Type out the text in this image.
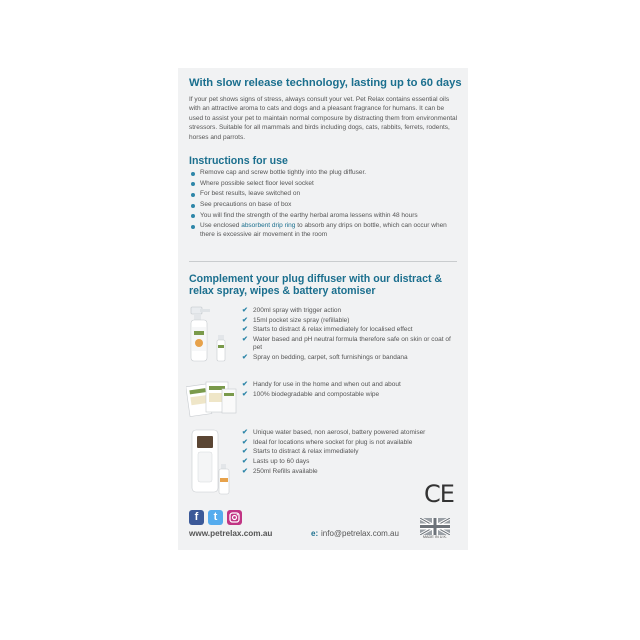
With slow release technology, lasting up to 60 days
If your pet shows signs of stress, always consult your vet. Pet Relax contains essential oils with an attractive aroma to cats and dogs and a pleasant fragrance for humans. It can be used to assist your pet to maintain normal composure by distracting them from environmental stressors. Suitable for all mammals and birds including dogs, cats, rabbits, ferrets, rodents, horses and parrots.
Instructions for use
Remove cap and screw bottle tightly into the plug diffuser.
Where possible select floor level socket
For best results, leave switched on
See precautions on base of box
You will find the strength of the earthy herbal aroma lessens within 48 hours
Use enclosed absorbent drip ring to absorb any drips on bottle, which can occur when there is excessive air movement in the room
Complement your plug diffuser with our distract & relax spray, wipes & battery atomiser
✔ 200ml spray with trigger action
✔ 15ml pocket size spray (refillable)
✔ Starts to distract & relax immediately for localised effect
✔ Water based and pH neutral formula therefore safe on skin or coat of pet
✔ Spray on bedding, carpet, soft furnishings or bandana
✔ Handy for use in the home and when out and about
✔ 100% biodegradable and compostable wipe
✔ Unique water based, non aerosol, battery powered atomiser
✔ Ideal for locations where socket for plug is not available
✔ Starts to distract & relax immediately
✔ Lasts up to 60 days
✔ 250ml Refills available
CE
f	t
www.petrelax.com.au	e: info@petrelax.com.au	MADE IN U.K.
